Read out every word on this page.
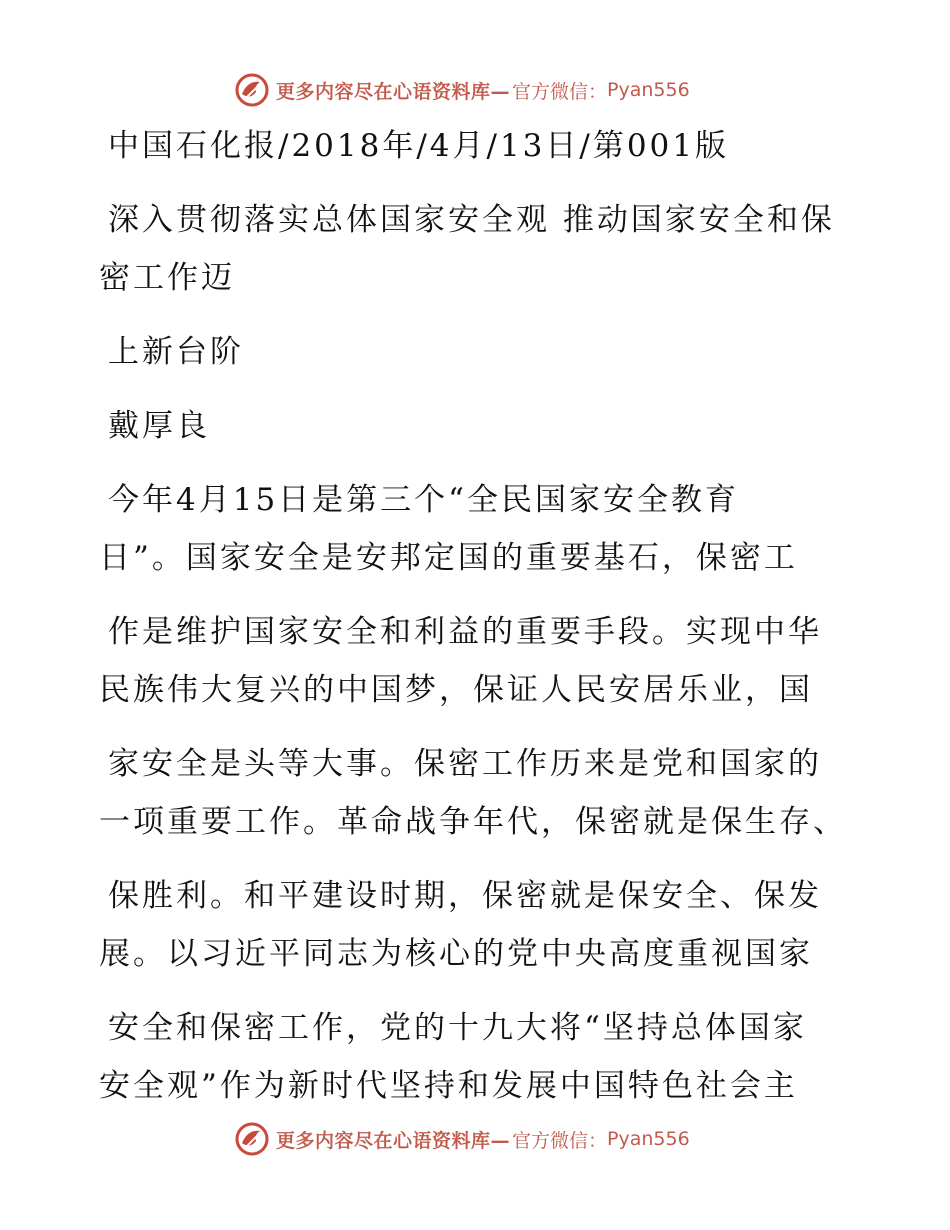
更多内容尽在心语资料库— 官方微信： Pyan556
中国石化报/2018年/4月/13日/第001版
深入贯彻落实总体国家安全观 推动国家安全和保
密工作迈
上新台阶
戴厚良
今年4月15日是第三个“全民国家安全教育
日”。国家安全是安邦定国的重要基石，保密工
作是维护国家安全和利益的重要手段。实现中华
民族伟大复兴的中国梦，保证人民安居乐业，国
家安全是头等大事。保密工作历来是党和国家的
一项重要工作。革命战争年代，保密就是保生存、
保胜利。和平建设时期，保密就是保安全、保发
展。以习近平同志为核心的党中央高度重视国家
安全和保密工作，党的十九大将“坚持总体国家
安全观”作为新时代坚持和发展中国特色社会主
更多内容尽在心语资料库— 官方微信： Pyan556
